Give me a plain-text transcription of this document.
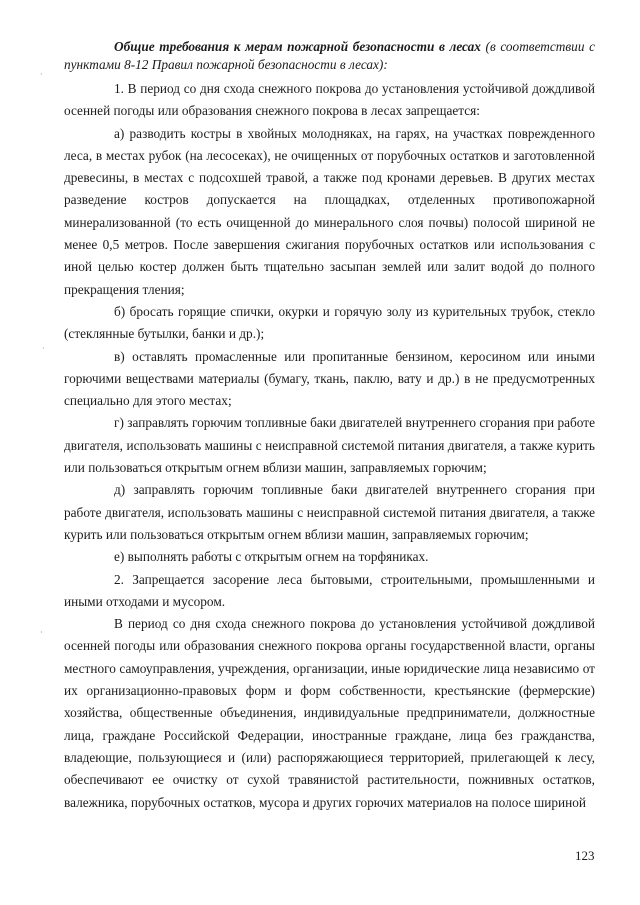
·
·
·

Общие требования к мерам пожарной безопасности в лесах (в соответствии с пунктами 8-12 Правил пожарной безопасности в лесах):

1. В период со дня схода снежного покрова до установления устойчивой дождливой осенней погоды или образования снежного покрова в лесах запрещается:

а) разводить костры в хвойных молодняках, на гарях, на участках поврежденного леса, в местах рубок (на лесосеках), не очищенных от порубочных остатков и заготовленной древесины, в местах с подсохшей травой, а также под кронами деревьев. В других местах разведение костров допускается на площадках, отделенных противопожарной минерализованной (то есть очищенной до минерального слоя почвы) полосой шириной не менее 0,5 метров. После завершения сжигания порубочных остатков или использования с иной целью костер должен быть тщательно засыпан землей или залит водой до полного прекращения тления;

б) бросать горящие спички, окурки и горячую золу из курительных трубок, стекло (стеклянные бутылки, банки и др.);

в) оставлять промасленные или пропитанные бензином, керосином или иными горючими веществами материалы (бумагу, ткань, паклю, вату и др.) в не предусмотренных специально для этого местах;

г) заправлять горючим топливные баки двигателей внутреннего сгорания при работе двигателя, использовать машины с неисправной системой питания двигателя, а также курить или пользоваться открытым огнем вблизи машин, заправляемых горючим;

д) заправлять горючим топливные баки двигателей внутреннего сгорания при работе двигателя, использовать машины с неисправной системой питания двигателя, а также курить или пользоваться открытым огнем вблизи машин, заправляемых горючим;

е) выполнять работы с открытым огнем на торфяниках.

2. Запрещается засорение леса бытовыми, строительными, промышленными и иными отходами и мусором.

В период со дня схода снежного покрова до установления устойчивой дождливой осенней погоды или образования снежного покрова органы государственной власти, органы местного самоуправления, учреждения, организации, иные юридические лица независимо от их организационно-правовых форм и форм собственности, крестьянские (фермерские) хозяйства, общественные объединения, индивидуальные предприниматели, должностные лица, граждане Российской Федерации, иностранные граждане, лица без гражданства, владеющие, пользующиеся и (или) распоряжающиеся территорией, прилегающей к лесу, обеспечивают ее очистку от сухой травянистой растительности, пожнивных остатков, валежника, порубочных остатков, мусора и других горючих материалов на полосе шириной

123
